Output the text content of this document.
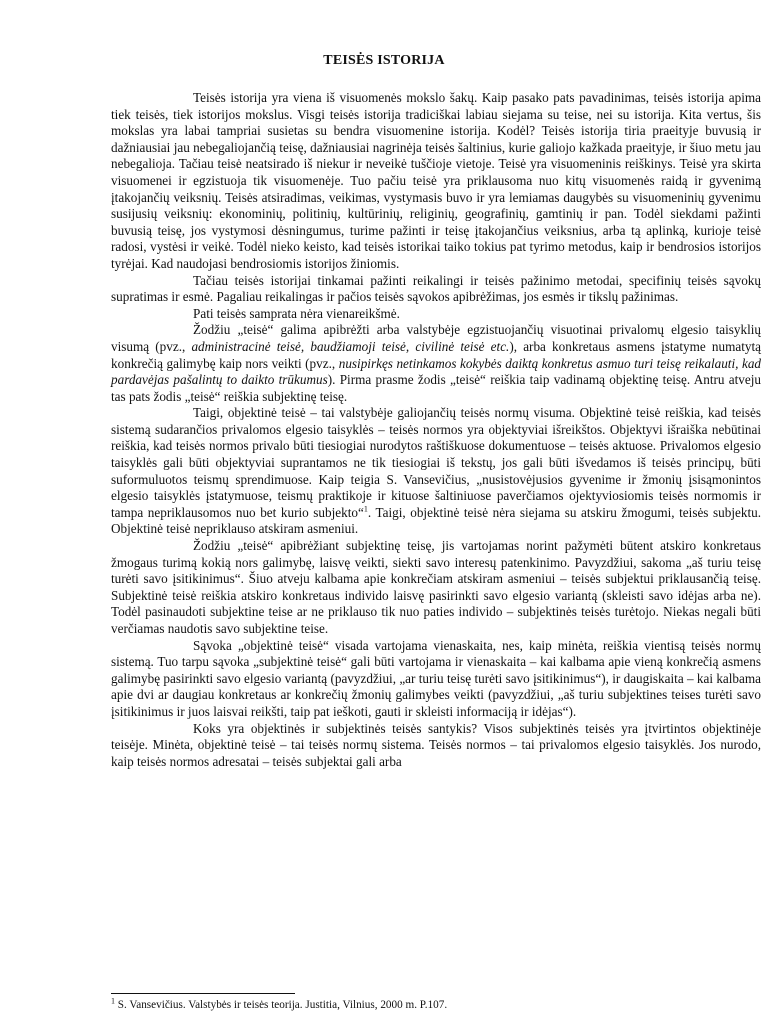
TEISĖS ISTORIJA

Teisės istorija yra viena iš visuomenės mokslo šakų. Kaip pasako pats pavadinimas, teisės istorija apima tiek teisės, tiek istorijos mokslus. Visgi teisės istorija tradiciškai labiau siejama su teise, nei su istorija. Kita vertus, šis mokslas yra labai tampriai susietas su bendra visuomenine istorija. Kodėl? Teisės istorija tiria praeityje buvusią ir dažniausiai jau nebegaliojančią teisę, dažniausiai nagrinėja teisės šaltinius, kurie galiojo kažkada praeityje, ir šiuo metu jau nebegalioja. Tačiau teisė neatsirado iš niekur ir neveikė tuščioje vietoje. Teisė yra visuomeninis reiškinys. Teisė yra skirta visuomenei ir egzistuoja tik visuomenėje. Tuo pačiu teisė yra priklausoma nuo kitų visuomenės raidą ir gyvenimą įtakojančių veiksnių. Teisės atsiradimas, veikimas, vystymasis buvo ir yra lemiamas daugybės su visuomeninių gyvenimu susijusių veiksnių: ekonominių, politinių, kultūrinių, religinių, geografinių, gamtinių ir pan. Todėl siekdami pažinti buvusią teisę, jos vystymosi dėsningumus, turime pažinti ir teisę įtakojančius veiksnius, arba tą aplinką, kurioje teisė radosi, vystėsi ir veikė. Todėl nieko keisto, kad teisės istorikai taiko tokius pat tyrimo metodus, kaip ir bendrosios istorijos tyrėjai. Kad naudojasi bendrosiomis istorijos žiniomis.

Tačiau teisės istorijai tinkamai pažinti reikalingi ir teisės pažinimo metodai, specifinių teisės sąvokų supratimas ir esmė. Pagaliau reikalingas ir pačios teisės sąvokos apibrėžimas, jos esmės ir tikslų pažinimas.

Pati teisės samprata nėra vienareikšmė.

Žodžiu „teisė“ galima apibrėžti arba valstybėje egzistuojančių visuotinai privalomų elgesio taisyklių visumą (pvz., administracinė teisė, baudžiamoji teisė, civilinė teisė etc.), arba konkretaus asmens įstatyme numatytą konkrečią galimybę kaip nors veikti (pvz., nusipirkęs netinkamos kokybės daiktą konkretus asmuo turi teisę reikalauti, kad pardavėjas pašalintų to daikto trūkumus). Pirma prasme žodis „teisė“ reiškia taip vadinamą objektinę teisę. Antru atveju tas pats žodis „teisė“ reiškia subjektinę teisę.

Taigi, objektinė teisė – tai valstybėje galiojančių teisės normų visuma. Objektinė teisė reiškia, kad teisės sistemą sudarančios privalomos elgesio taisyklės – teisės normos yra objektyviai išreikštos. Objektyvi išraiška nebūtinai reiškia, kad teisės normos privalo būti tiesiogiai nurodytos raštiškuose dokumentuose – teisės aktuose. Privalomos elgesio taisyklės gali būti objektyviai suprantamos ne tik tiesiogiai iš tekstų, jos gali būti išvedamos iš teisės principų, būti suformuluotos teismų sprendimuose. Kaip teigia S. Vansevičius, „nusistovėjusios gyvenime ir žmonių įsisąmonintos elgesio taisyklės įstatymuose, teismų praktikoje ir kituose šaltiniuose paverčiamos ojektyviosiomis teisės normomis ir tampa nepriklausomos nuo bet kurio subjekto“$^1$. Taigi, objektinė teisė nėra siejama su atskiru žmogumi, teisės subjektu. Objektinė teisė nepriklauso atskiram asmeniui.

Žodžiu „teisė“ apibrėžiant subjektinę teisę, jis vartojamas norint pažymėti būtent atskiro konkretaus žmogaus turimą kokią nors galimybę, laisvę veikti, siekti savo interesų patenkinimo. Pavyzdžiui, sakoma „aš turiu teisę turėti savo įsitikinimus“. Šiuo atveju kalbama apie konkrečiam atskiram asmeniui – teisės subjektui priklausančią teisę. Subjektinė teisė reiškia atskiro konkretaus individo laisvę pasirinkti savo elgesio variantą (skleisti savo idėjas arba ne). Todėl pasinaudoti subjektine teise ar ne priklauso tik nuo paties individo – subjektinės teisės turėtojo. Niekas negali būti verčiamas naudotis savo subjektine teise.

Sąvoka „objektinė teisė“ visada vartojama vienaskaita, nes, kaip minėta, reiškia vientisą teisės normų sistemą. Tuo tarpu sąvoka „subjektinė teisė“ gali būti vartojama ir vienaskaita – kai kalbama apie vieną konkrečią asmens galimybę pasirinkti savo elgesio variantą (pavyzdžiui, „ar turiu teisę turėti savo įsitikinimus“), ir daugiskaita – kai kalbama apie dvi ar daugiau konkretaus ar konkrečių žmonių galimybes veikti (pavyzdžiui, „aš turiu subjektines teises turėti savo įsitikinimus ir juos laisvai reikšti, taip pat ieškoti, gauti ir skleisti informaciją ir idėjas“).

Koks yra objektinės ir subjektinės teisės santykis? Visos subjektinės teisės yra įtvirtintos objektinėje teisėje. Minėta, objektinė teisė – tai teisės normų sistema. Teisės normos – tai privalomos elgesio taisyklės. Jos nurodo, kaip teisės normos adresatai – teisės subjektai gali arba

$^1$ S. Vansevičius. Valstybės ir teisės teorija. Justitia, Vilnius, 2000 m. P.107.
